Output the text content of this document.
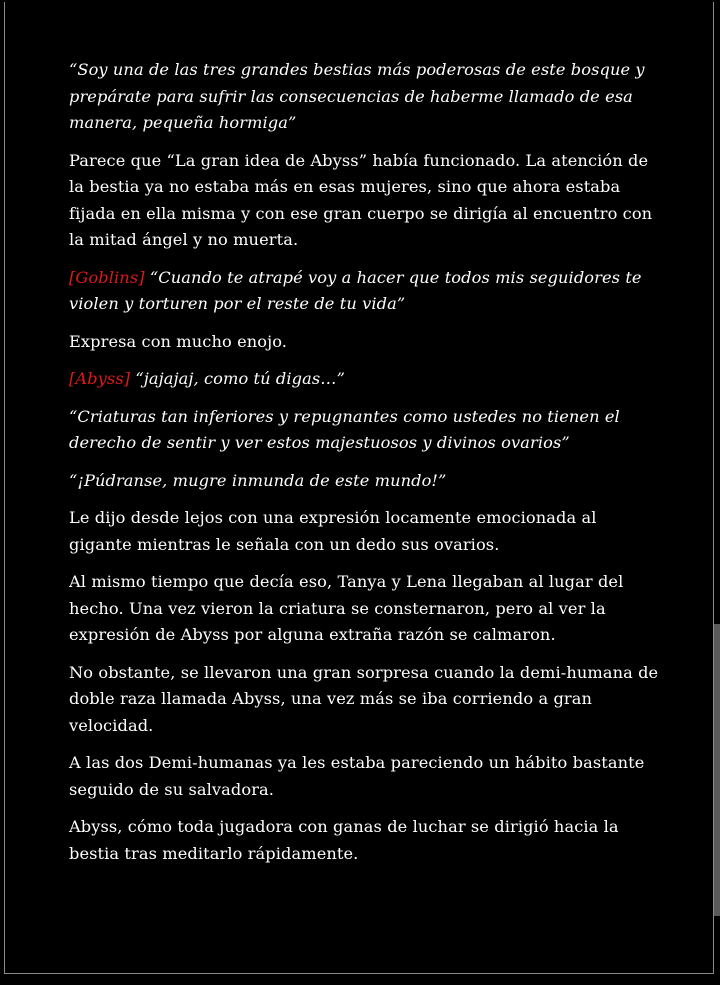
“Soy una de las tres grandes bestias más poderosas de este bosque y prepárate para sufrir las consecuencias de haberme llamado de esa manera, pequeña hormiga”

Parece que “La gran idea de Abyss” había funcionado. La atención de la bestia ya no estaba más en esas mujeres, sino que ahora estaba fijada en ella misma y con ese gran cuerpo se dirigía al encuentro con la mitad ángel y no muerta.

[Goblins] “Cuando te atrapé voy a hacer que todos mis seguidores te violen y torturen por el reste de tu vida”

Expresa con mucho enojo.

[Abyss] “jajajaj, como tú digas…”

“Criaturas tan inferiores y repugnantes como ustedes no tienen el derecho de sentir y ver estos majestuosos y divinos ovarios”

“¡Púdranse, mugre inmunda de este mundo!”

Le dijo desde lejos con una expresión locamente emocionada al gigante mientras le señala con un dedo sus ovarios.

Al mismo tiempo que decía eso, Tanya y Lena llegaban al lugar del hecho. Una vez vieron la criatura se consternaron, pero al ver la expresión de Abyss por alguna extraña razón se calmaron.

No obstante, se llevaron una gran sorpresa cuando la demi-humana de doble raza llamada Abyss, una vez más se iba corriendo a gran velocidad.

A las dos Demi-humanas ya les estaba pareciendo un hábito bastante seguido de su salvadora.

Abyss, cómo toda jugadora con ganas de luchar se dirigió hacia la bestia tras meditarlo rápidamente.
